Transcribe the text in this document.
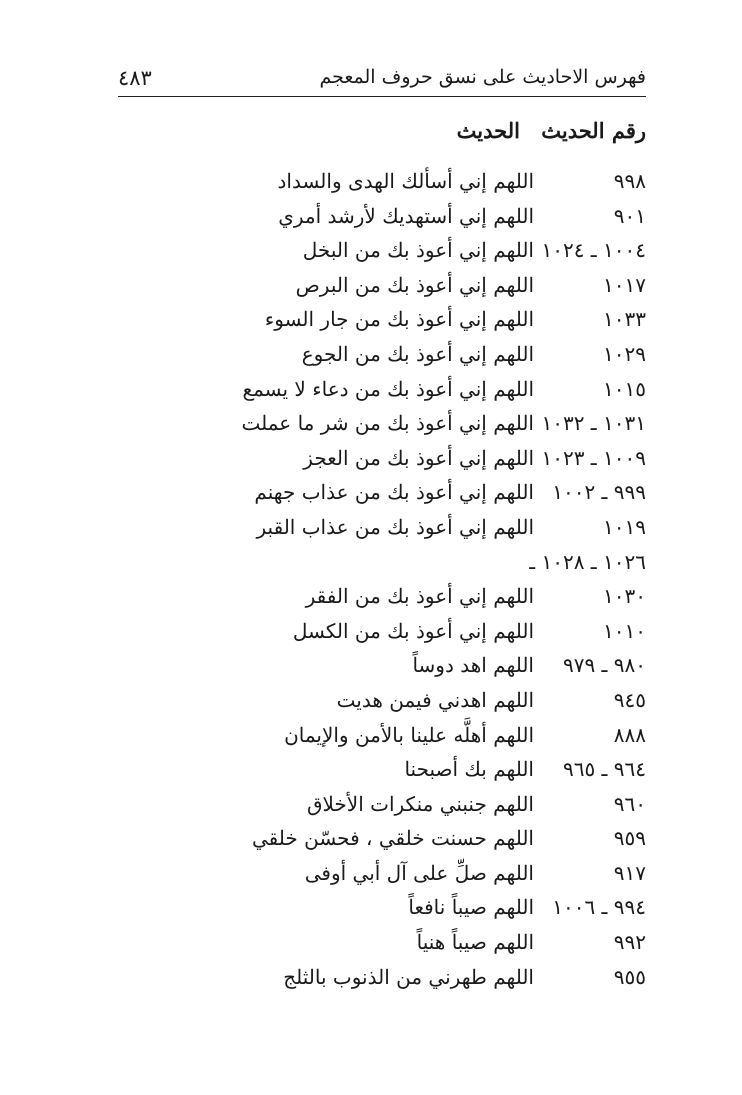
٤٨٣	فهرس الاحاديث على نسق حروف المعجم
رقم الحديث الحديث
٩٩٨
اللهم إني أسألك الهدى والسداد
٩٠١
اللهم إني أستهديك لأرشد أمري
١٠٠٤ ـ ١٠٢٤
اللهم إني أعوذ بك من البخل
١٠١٧
اللهم إني أعوذ بك من البرص
١٠٣٣
اللهم إني أعوذ بك من جار السوء
١٠٢٩
اللهم إني أعوذ بك من الجوع
١٠١٥
اللهم إني أعوذ بك من دعاء لا يسمع
١٠٣١ ـ ١٠٣٢
اللهم إني أعوذ بك من شر ما عملت
١٠٠٩ ـ ١٠٢٣
اللهم إني أعوذ بك من العجز
٩٩٩ ـ ١٠٠٢
اللهم إني أعوذ بك من عذاب جهنم
١٠١٩
اللهم إني أعوذ بك من عذاب القبر
١٠٢٦ ـ ١٠٢٨ ـ
١٠٣٠
اللهم إني أعوذ بك من الفقر
١٠١٠
اللهم إني أعوذ بك من الكسل
٩٨٠ ـ ٩٧٩
اللهم اهد دوساً
٩٤٥
اللهم اهدني فيمن هديت
٨٨٨
اللهم أهلَّه علينا بالأمن والإيمان
٩٦٤ ـ ٩٦٥
اللهم بك أصبحنا
٩٦٠
اللهم جنبني منكرات الأخلاق
٩٥٩
اللهم حسنت خلقي ، فحسّن خلقي
٩١٧
اللهم صلِّ على آل أبي أوفى
٩٩٤ ـ ١٠٠٦
اللهم صيباً نافعاً
٩٩٢
اللهم صيباً هنياً
٩٥٥
اللهم طهرني من الذنوب بالثلج
